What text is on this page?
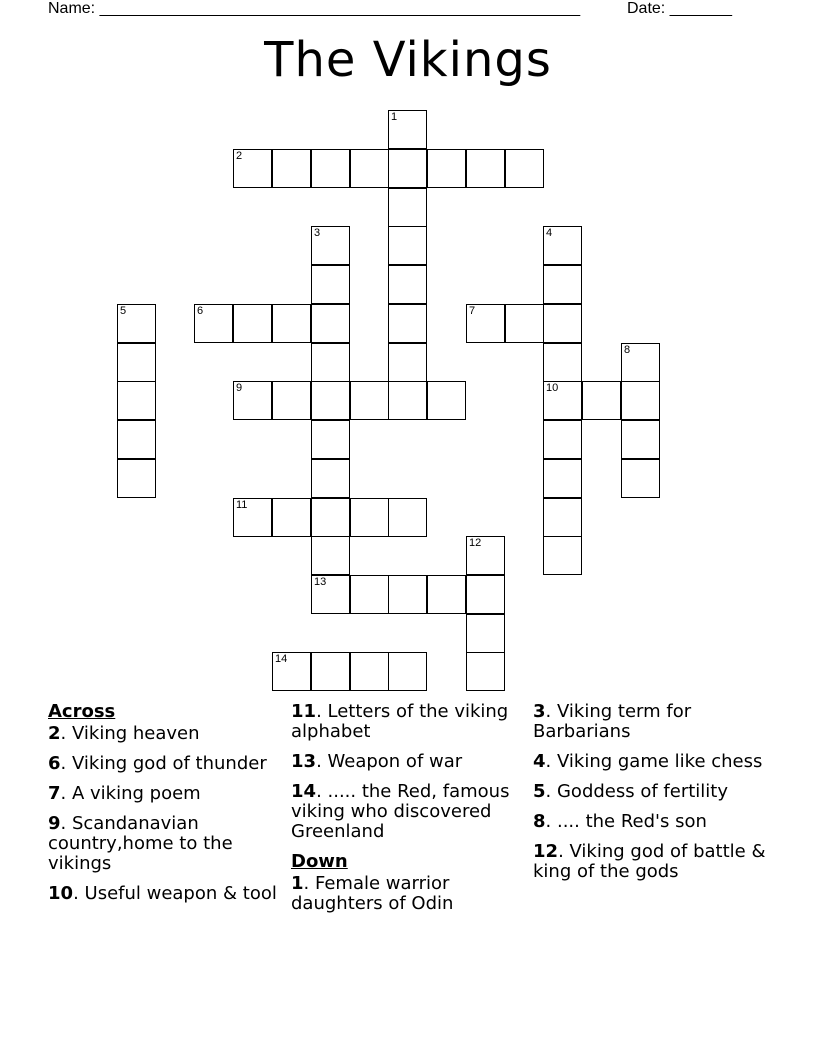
Name: ______________________________________________________	Date: _______
The Vikings
1
2
3	4
5	6	7
8
9	10
11
12
13
14
Across
2. Viking heaven
6. Viking god of thunder
7. A viking poem
9. Scandanavian country,home to the vikings
10. Useful weapon & tool
11. Letters of the viking alphabet
13. Weapon of war
14. ..... the Red, famous viking who discovered Greenland
Down
1. Female warrior daughters of Odin
3. Viking term for Barbarians
4. Viking game like chess
5. Goddess of fertility
8. .... the Red's son
12. Viking god of battle & king of the gods
